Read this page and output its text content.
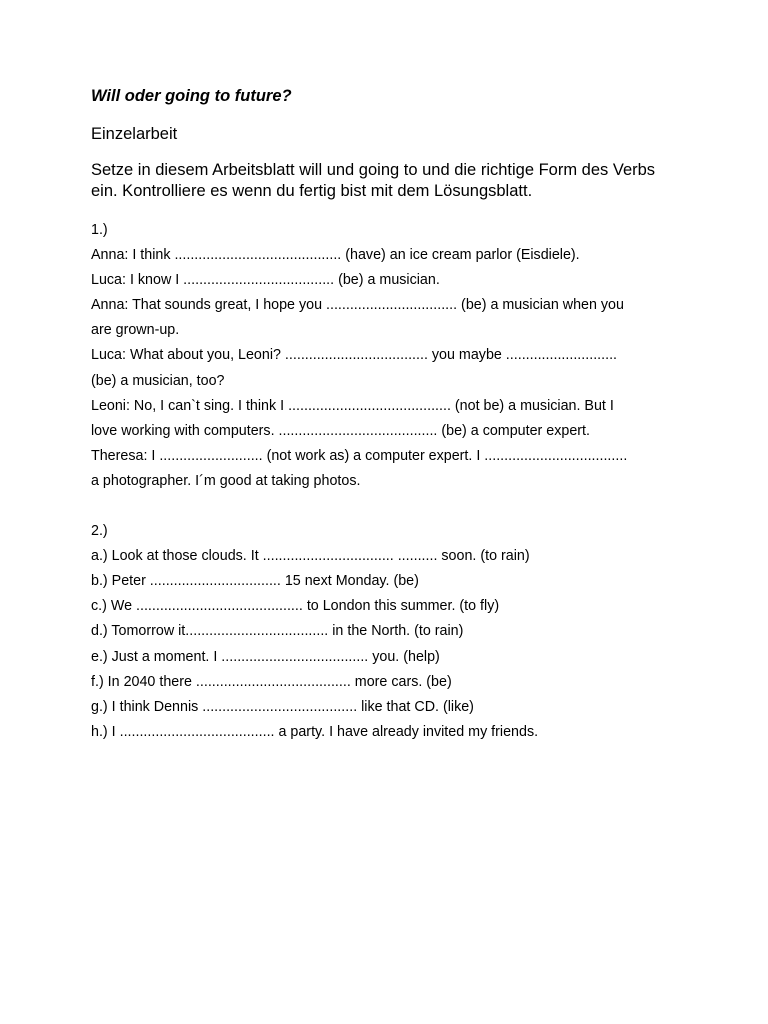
Will oder going to future?

Einzelarbeit

Setze in diesem Arbeitsblatt will und going to und die richtige Form des Verbs ein. Kontrolliere es wenn du fertig bist mit dem Lösungsblatt.

1.)

Anna: I think .......................................... (have) an ice cream parlor (Eisdiele).

Luca: I know I ...................................... (be) a musician.

Anna: That sounds great, I hope you ................................. (be) a musician when you

are grown-up.

Luca: What about you, Leoni? .................................... you maybe ............................

(be) a musician, too?

Leoni: No, I can`t sing. I think I ......................................... (not be) a musician. But I

love working with computers. ........................................ (be) a computer expert.

Theresa: I .......................... (not work as) a computer expert. I ....................................

a photographer. I´m good at taking photos.

2.)

a.) Look at those clouds. It ................................. .......... soon. (to rain)

b.) Peter ................................. 15 next Monday. (be)

c.) We .......................................... to London this summer. (to fly)

d.) Tomorrow it.................................... in the North. (to rain)

e.) Just a moment. I ..................................... you. (help)

f.) In 2040 there ....................................... more cars. (be)

g.) I think Dennis ....................................... like that CD. (like)

h.) I ....................................... a party. I have already invited my friends.
